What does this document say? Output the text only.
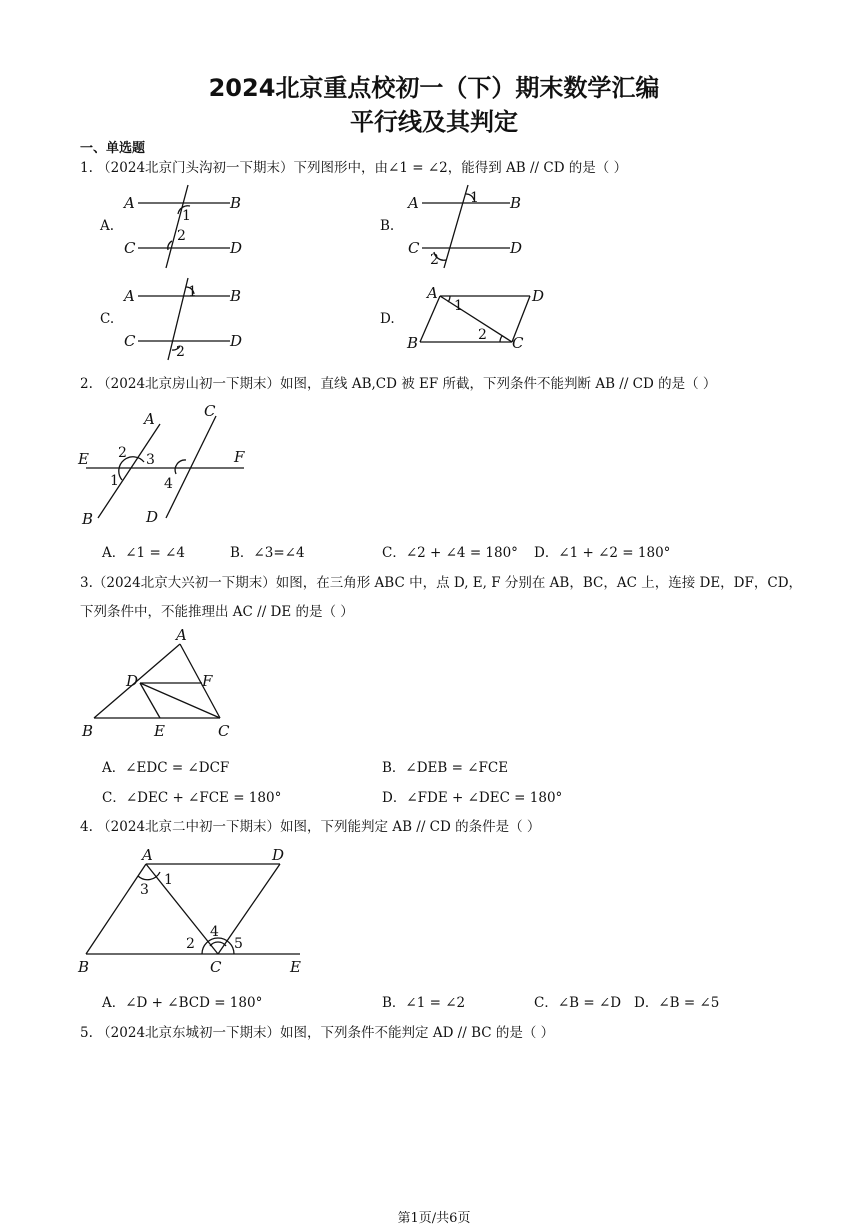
2024北京重点校初一（下）期末数学汇编
平行线及其判定
一、单选题
1. （2024北京门头沟初一下期末）下列图形中，由∠1 = ∠2，能得到 AB // CD 的是（ ）
A.
A	B
C	D
1
2
B.
A	B
C	D
1
2
C.
A	B
C	D
1
2
D.
A	D
B	C
1
2
2. （2024北京房山初一下期末）如图，直线 AB,CD 被 EF 所截，下列条件不能判断 AB // CD 的是（ ）
A	C
E	F
2 3
1	4
B	D
A．∠1 = ∠4	B．∠3=∠4	C．∠2 + ∠4 = 180° D．∠1 + ∠2 = 180°
3.（2024北京大兴初一下期末）如图，在三角形 ABC 中，点 D, E, F 分别在 AB，BC，AC 上，连接 DE，DF，CD，
下列条件中，不能推理出 AC // DE 的是（ ）
A
D	F
B	E	C
A．∠EDC = ∠DCF	B．∠DEB = ∠FCE
C．∠DEC + ∠FCE = 180°	D．∠FDE + ∠DEC = 180°
4. （2024北京二中初一下期末）如图，下列能判定 AB // CD 的条件是（ ）
A	D
3
1
4
2	5
B	C	E
A．∠D + ∠BCD = 180°	B．∠1 = ∠2	C．∠B = ∠D D．∠B = ∠5
5. （2024北京东城初一下期末）如图，下列条件不能判定 AD // BC 的是（ ）
第1页/共6页
